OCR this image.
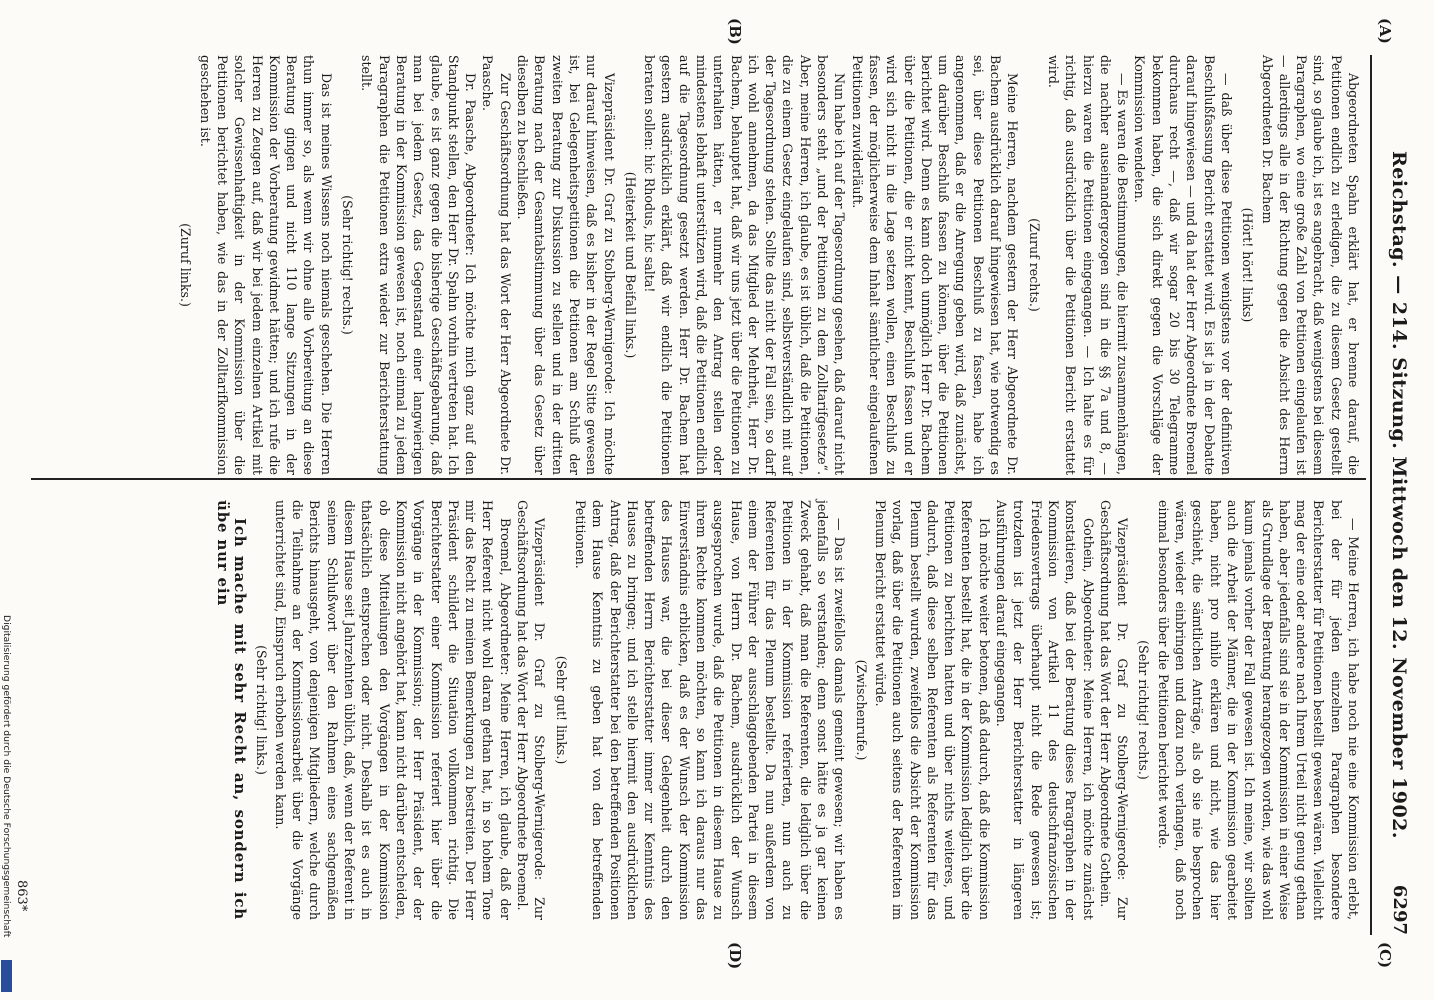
Reichstag. — 214. Sitzung. Mittwoch den 12. November 1902.
6297
(A)
(B)
(C)
(D)

Abgeordneten Spahn erklärt hat, er brenne darauf, die Petitionen endlich zu erledigen, die zu diesem Gesetz gestellt sind, so glaube ich, ist es angebracht, daß wenigstens bei diesem Paragraphen, wo eine große Zahl von Petitionen eingelaufen ist — allerdings alle in der Richtung gegen die Absicht des Herrn Abgeordneten Dr. Bachem

(Hört! hört! links)

— daß über diese Petitionen wenigstens vor der definitiven Beschlußfassung Bericht erstattet wird. Es ist ja in der Debatte darauf hingewiesen — und da hat der Herr Abgeordnete Broemel durchaus recht —, daß wir sogar 20 bis 30 Telegramme bekommen haben, die sich direkt gegen die Vorschläge der Kommission wendeten.

— Es waren die Bestimmungen, die hiermit zusammenhängen, die nachher auseinandergezogen sind in die §§ 7a und 8, — hierzu waren die Petitionen eingegangen. — Ich halte es für richtig, daß ausdrücklich über die Petitionen Bericht erstattet wird.

(Zuruf rechts.)

Meine Herren, nachdem gestern der Herr Abgeordnete Dr. Bachem ausdrücklich darauf hingewiesen hat, wie notwendig es sei, über diese Petitionen Beschluß zu fassen, habe ich angenommen, daß er die Anregung geben wird, daß zunächst, um darüber Beschluß fassen zu können, über die Petitionen berichtet wird. Denn es kann doch unmöglich Herr Dr. Bachem über die Petitionen, die er nicht kennt, Beschluß fassen und er wird sich nicht in die Lage setzen wollen, einen Beschluß zu fassen, der möglicherweise dem Inhalt sämtlicher eingelaufenen Petitionen zuwiderläuft.

Nun habe ich auf der Tagesordnung gesehen, daß darauf nicht besonders steht „und der Petitionen zu dem Zolltarifgesetze“. Aber, meine Herren, ich glaube, es ist üblich, daß die Petitionen, die zu einem Gesetz eingelaufen sind, selbstverständlich mit auf der Tagesordnung stehen. Sollte das nicht der Fall sein, so darf ich wohl annehmen, da das Mitglied der Mehrheit, Herr Dr. Bachem, behauptet hat, daß wir uns jetzt über die Petitionen zu unterhalten hätten, er nunmehr den Antrag stellen oder mindestens lebhaft unterstützen wird, daß die Petitionen endlich auf die Tagesordnung gesetzt werden. Herr Dr. Bachem hat gestern ausdrücklich erklärt, daß wir endlich die Petitionen beraten sollen: hic Rhodus, hic salta!

(Heiterkeit und Beifall links.)

Vizepräsident Dr. Graf zu Stolberg-Wernigerode: Ich möchte nur darauf hinweisen, daß es bisher in der Regel Sitte gewesen ist, bei Gelegenheitspetitionen die Petitionen am Schluß der zweiten Beratung zur Diskussion zu stellen und in der dritten Beratung nach der Gesamtabstimmung über das Gesetz über dieselben zu beschließen.

Zur Geschäftsordnung hat das Wort der Herr Abgeordnete Dr. Paasche.

Dr. Paasche, Abgeordneter: Ich möchte mich ganz auf den Standpunkt stellen, den Herr Dr. Spahn vorhin vertreten hat. Ich glaube, es ist ganz gegen die bisherige Geschäftsgebarung, daß man bei jedem Gesetz, das Gegenstand einer langwierigen Beratung in der Kommission gewesen ist, noch einmal zu jedem Paragraphen die Petitionen extra wieder zur Berichterstattung stellt.

(Sehr richtig! rechts.)

Das ist meines Wissens noch niemals geschehen. Die Herren thun immer so, als wenn wir ohne alle Vorbereitung an diese Beratung gingen und nicht 110 lange Sitzungen in der Kommission der Vorberatung gewidmet hätten; und ich rufe die Herren zu Zeugen auf, daß wir bei jedem einzelnen Artikel mit solcher Gewissenhaftigkeit in der Kommission über die Petitionen berichtet haben, wie das in der Zolltarifkommission geschehen ist.

(Zuruf links.)

— Meine Herren, ich habe noch nie eine Kommission erlebt, bei der für jeden einzelnen Paragraphen besondere Berichterstatter für Petitionen bestellt gewesen wären. Vielleicht mag der eine oder andere nach Ihrem Urteil nicht genug gethan haben, aber jedenfalls sind sie in der Kommission in einer Weise als Grundlage der Beratung herangezogen worden, wie das wohl kaum jemals vorher der Fall gewesen ist. Ich meine, wir sollten auch die Arbeit der Männer, die in der Kommission gearbeitet haben, nicht pro nihilo erklären und nicht, wie das hier geschieht, die sämtlichen Anträge, als ob sie nie besprochen wären, wieder einbringen und dazu noch verlangen, daß noch einmal besonders über die Petitionen berichtet werde.

(Sehr richtig! rechts.)

Vizepräsident Dr. Graf zu Stolberg-Wernigerode: Zur Geschäftsordnung hat das Wort der Herr Abgeordnete Gothein.

Gothein, Abgeordneter: Meine Herren, ich möchte zunächst konstatieren, daß bei der Beratung dieses Paragraphen in der Kommission von Artikel 11 des deutschfranzösischen Friedensvertrags überhaupt nicht die Rede gewesen ist; trotzdem ist jetzt der Herr Berichterstatter in längeren Ausführungen darauf eingegangen.

Ich möchte weiter betonen, daß dadurch, daß die Kommission Referenten bestellt hat, die in der Kommission lediglich über die Petitionen zu berichten hatten und über nichts weiteres, und dadurch, daß diese selben Referenten als Referenten für das Plenum bestellt wurden, zweifellos die Absicht der Kommission vorlag, daß über die Petitionen auch seitens der Referenten im Plenum Bericht erstattet würde.

(Zwischenrufe.)

— Das ist zweifellos damals gemeint gewesen; wir haben es jedenfalls so verstanden; denn sonst hätte es ja gar keinen Zweck gehabt, daß man die Referenten, die lediglich über die Petitionen in der Kommission referierten, nun auch zu Referenten für das Plenum bestellte. Da nun außerdem von einem der Führer der ausschlaggebenden Partei in diesem Hause, von Herrn Dr. Bachem, ausdrücklich der Wunsch ausgesprochen wurde, daß die Petitionen in diesem Hause zu ihrem Rechte kommen möchten, so kann ich daraus nur das Einverständnis erblicken, daß es der Wunsch der Kommission des Hauses war, die bei dieser Gelegenheit durch den betreffenden Herrn Berichterstatter immer zur Kenntnis des Hauses zu bringen; und ich stelle hiermit den ausdrücklichen Antrag, daß der Berichterstatter bei den betreffenden Positionen dem Hause Kenntnis zu geben hat von den betreffenden Petitionen.

(Sehr gut! links.)

Vizepräsident Dr. Graf zu Stolberg-Wernigerode: Zur Geschäftsordnung hat das Wort der Herr Abgeordnete Broemel.

Broemel, Abgeordneter: Meine Herren, ich glaube, daß der Herr Referent nicht wohl daran gethan hat, in so hohem Tone mir das Recht zu meinen Bemerkungen zu bestreiten. Der Herr Präsident schildert die Situation vollkommen richtig. Die Berichterstatter einer Kommission referiert hier über die Vorgänge in der Kommission; der Herr Präsident, der der Kommission nicht angehört hat, kann nicht darüber entscheiden, ob diese Mitteilungen den Vorgängen in der Kommission thatsächlich entsprechen oder nicht. Deshalb ist es auch in diesem Hause seit Jahrzehnten üblich, daß, wenn der Referent in seinem Schlußwort über den Rahmen eines sachgemäßen Berichts hinausgeht, von denjenigen Mitgliedern, welche durch die Teilnahme an der Kommissionsarbeit über die Vorgänge unterrichtet sind, Einspruch erhoben werden kann.

(Sehr richtig! links.)

Ich mache mit sehr Recht an, sondern ich übe nur ein

863*
Digitalisierung gefördert durch die Deutsche Forschungsgemeinschaft
